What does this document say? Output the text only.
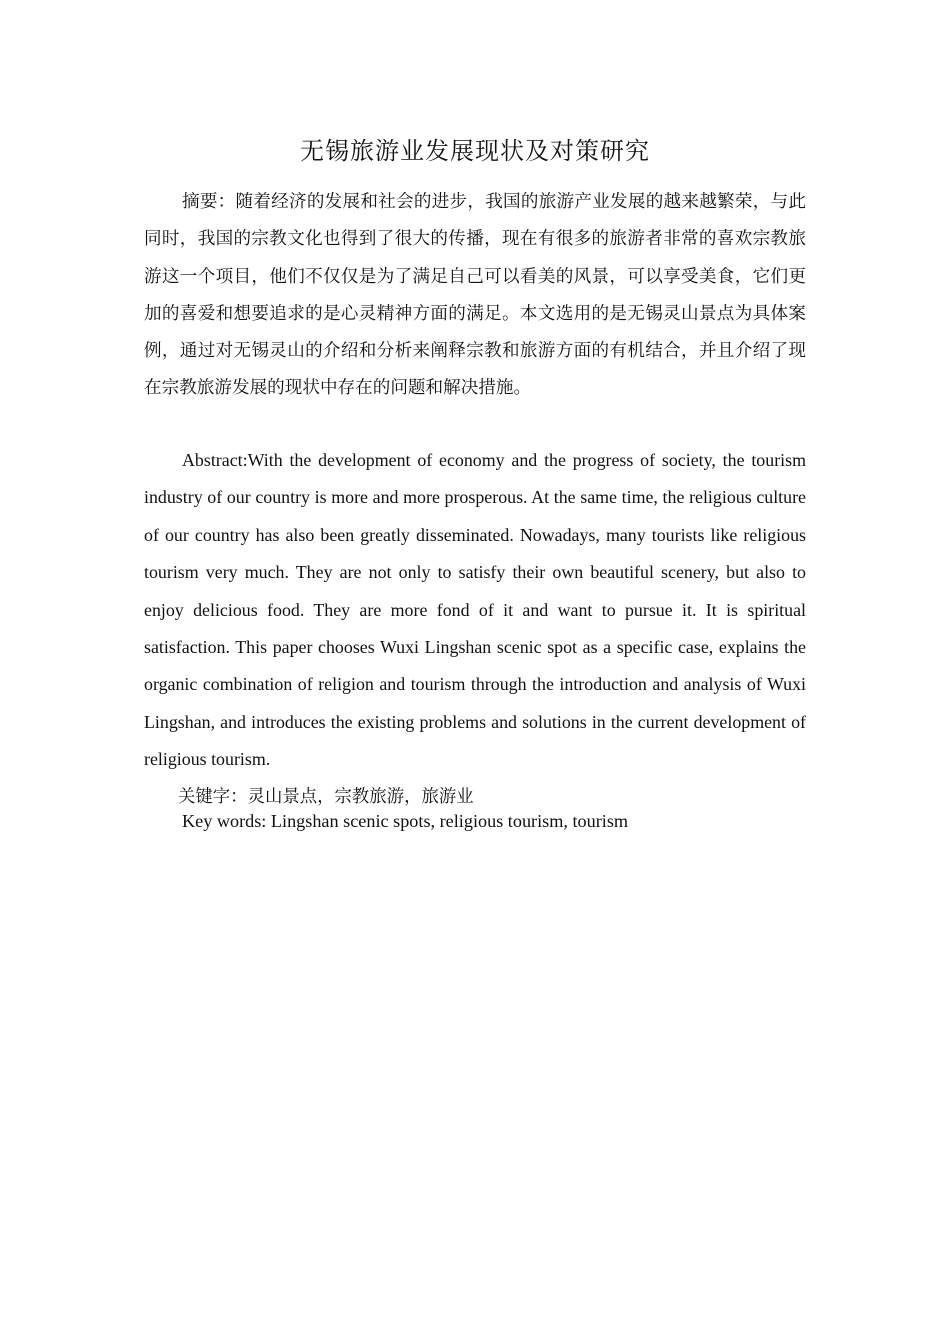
无锡旅游业发展现状及对策研究

摘要：随着经济的发展和社会的进步，我国的旅游产业发展的越来越繁荣，与此同时，我国的宗教文化也得到了很大的传播，现在有很多的旅游者非常的喜欢宗教旅游这一个项目，他们不仅仅是为了满足自己可以看美的风景，可以享受美食，它们更加的喜爱和想要追求的是心灵精神方面的满足。本文选用的是无锡灵山景点为具体案例，通过对无锡灵山的介绍和分析来阐释宗教和旅游方面的有机结合，并且介绍了现在宗教旅游发展的现状中存在的问题和解决措施。

Abstract:With the development of economy and the progress of society, the tourism industry of our country is more and more prosperous. At the same time, the religious culture of our country has also been greatly disseminated. Nowadays, many tourists like religious tourism very much. They are not only to satisfy their own beautiful scenery, but also to enjoy delicious food. They are more fond of it and want to pursue it. It is spiritual satisfaction. This paper chooses Wuxi Lingshan scenic spot as a specific case, explains the organic combination of religion and tourism through the introduction and analysis of Wuxi Lingshan, and introduces the existing problems and solutions in the current development of religious tourism.

关键字：灵山景点，宗教旅游，旅游业
Key words: Lingshan scenic spots, religious tourism, tourism
